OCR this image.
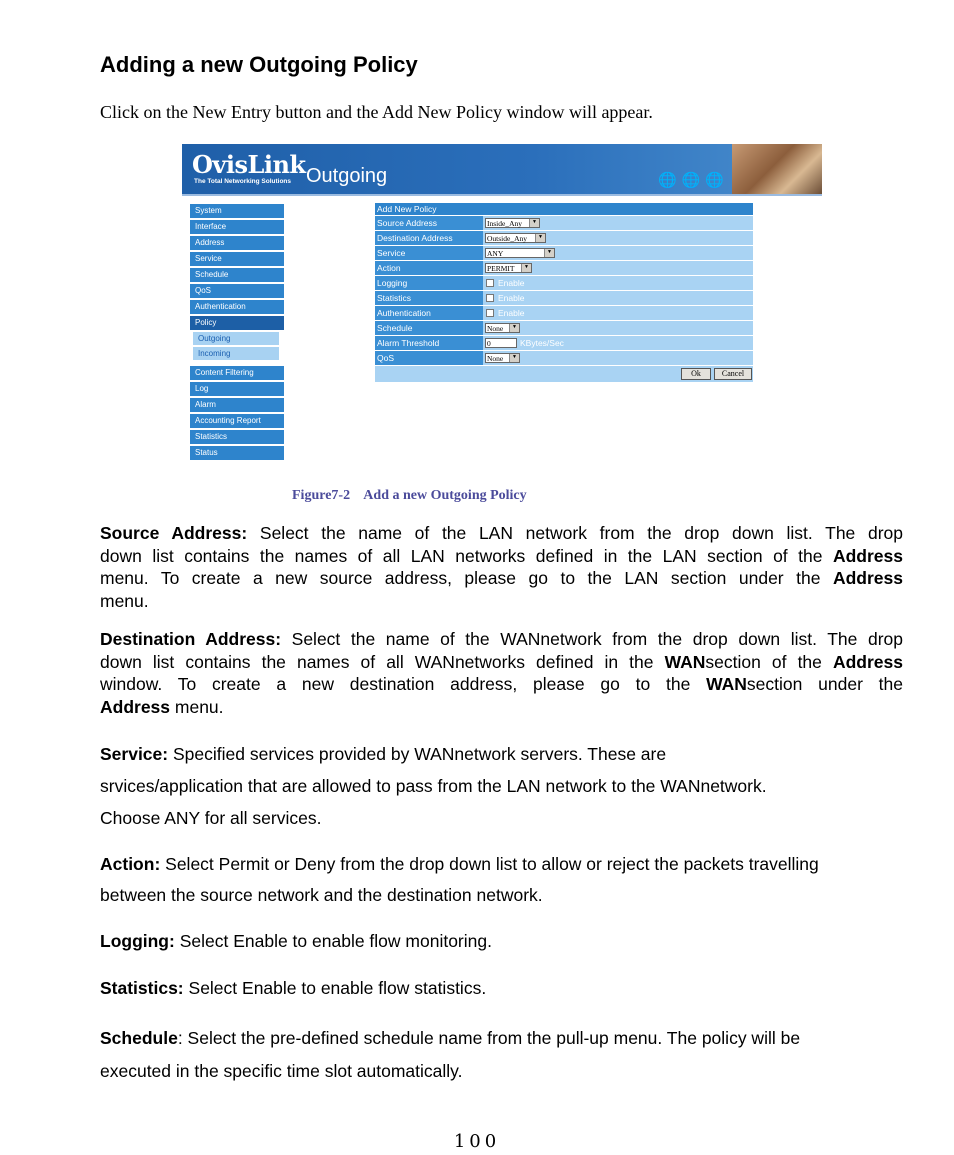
Adding a new Outgoing Policy
Click on the New Entry button and the Add New Policy window will appear.
OvisLink
The Total Networking Solutions Outgoing	🌐🌐🌐
System
Interface
Address
Service
Schedule
QoS
Authentication
Policy
Outgoing
Incoming
Content Filtering
Log
Alarm
Accounting Report
Statistics
Status
Add New Policy
Source Address	Inside_Any	▼
Destination Address	Outside_Any	▼
Service	ANY	▼
Action	PERMIT	▼
Logging	Enable
Statistics	Enable
Authentication	Enable
Schedule	None	▼
Alarm Threshold	0	KBytes/Sec
QoS	None	▼
Ok	Cancel
Figure7-2    Add a new Outgoing Policy
Source Address: Select the name of the LAN network from the drop down list. The drop
down list contains the names of all LAN networks defined in the LAN section of the Address
menu. To create a new source address, please go to the LAN section under the Address
menu.
Destination Address: Select the name of the WANnetwork from the drop down list. The drop
down list contains the names of all WANnetworks defined in the WANsection of the Address
window. To create a new destination address, please go to the WANsection under the
Address menu.
Service: Specified services provided by WANnetwork servers. These are
srvices/application that are allowed to pass from the LAN network to the WANnetwork.
Choose ANY for all services.
Action: Select Permit or Deny from the drop down list to allow or reject the packets travelling
between the source network and the destination network.
Logging: Select Enable to enable flow monitoring.
Statistics: Select Enable to enable flow statistics.
Schedule: Select the pre-defined schedule name from the pull-up menu. The policy will be
executed in the specific time slot automatically.
100
